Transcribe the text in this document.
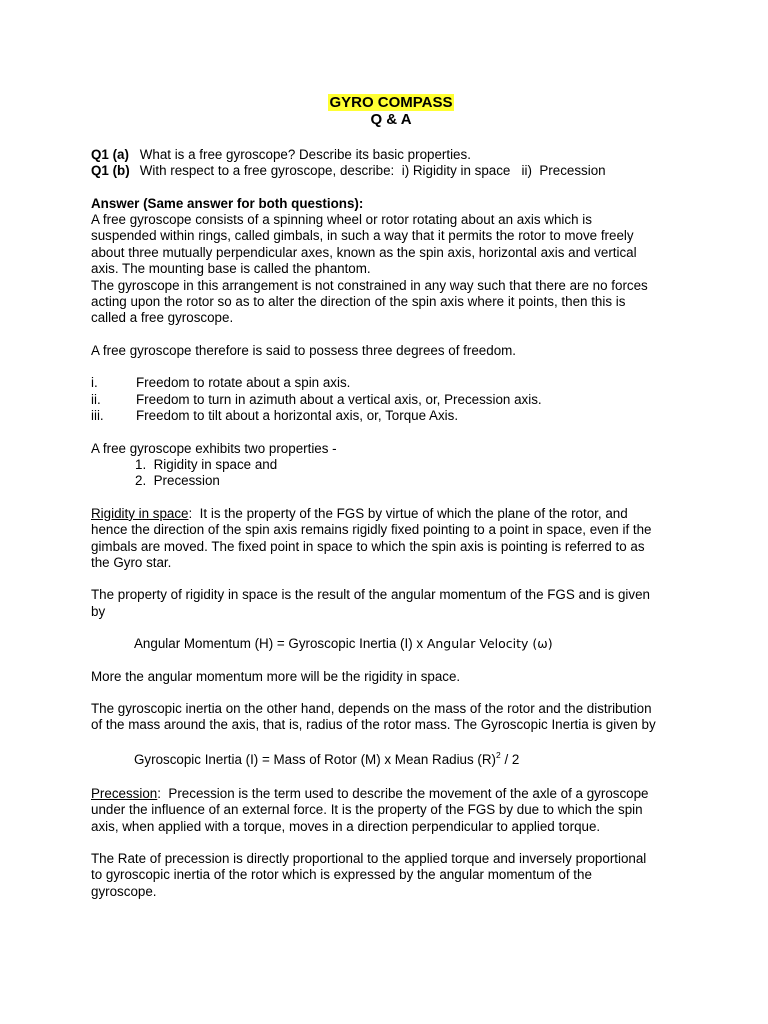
GYRO COMPASS
Q & A
Q1 (a) What is a free gyroscope? Describe its basic properties.
Q1 (b) With respect to a free gyroscope, describe:  i) Rigidity in space   ii)  Precession
Answer (Same answer for both questions):
A free gyroscope consists of a spinning wheel or rotor rotating about an axis which is
suspended within rings, called gimbals, in such a way that it permits the rotor to move freely
about three mutually perpendicular axes, known as the spin axis, horizontal axis and vertical
axis. The mounting base is called the phantom.
The gyroscope in this arrangement is not constrained in any way such that there are no forces
acting upon the rotor so as to alter the direction of the spin axis where it points, then this is
called a free gyroscope.
A free gyroscope therefore is said to possess three degrees of freedom.
i.	Freedom to rotate about a spin axis.
ii.	Freedom to turn in azimuth about a vertical axis, or, Precession axis.
iii.	Freedom to tilt about a horizontal axis, or, Torque Axis.
A free gyroscope exhibits two properties -
1.  Rigidity in space and
2.  Precession
Rigidity in space:  It is the property of the FGS by virtue of which the plane of the rotor, and
hence the direction of the spin axis remains rigidly fixed pointing to a point in space, even if the
gimbals are moved. The fixed point in space to which the spin axis is pointing is referred to as
the Gyro star.
The property of rigidity in space is the result of the angular momentum of the FGS and is given
by
Angular Momentum (H) = Gyroscopic Inertia (I) x Angular Velocity (ω)
More the angular momentum more will be the rigidity in space.
The gyroscopic inertia on the other hand, depends on the mass of the rotor and the distribution
of the mass around the axis, that is, radius of the rotor mass. The Gyroscopic Inertia is given by
Gyroscopic Inertia (I) = Mass of Rotor (M) x Mean Radius $(R)^2 / 2$
Precession:  Precession is the term used to describe the movement of the axle of a gyroscope
under the influence of an external force. It is the property of the FGS by due to which the spin
axis, when applied with a torque, moves in a direction perpendicular to applied torque.
The Rate of precession is directly proportional to the applied torque and inversely proportional
to gyroscopic inertia of the rotor which is expressed by the angular momentum of the
gyroscope.
